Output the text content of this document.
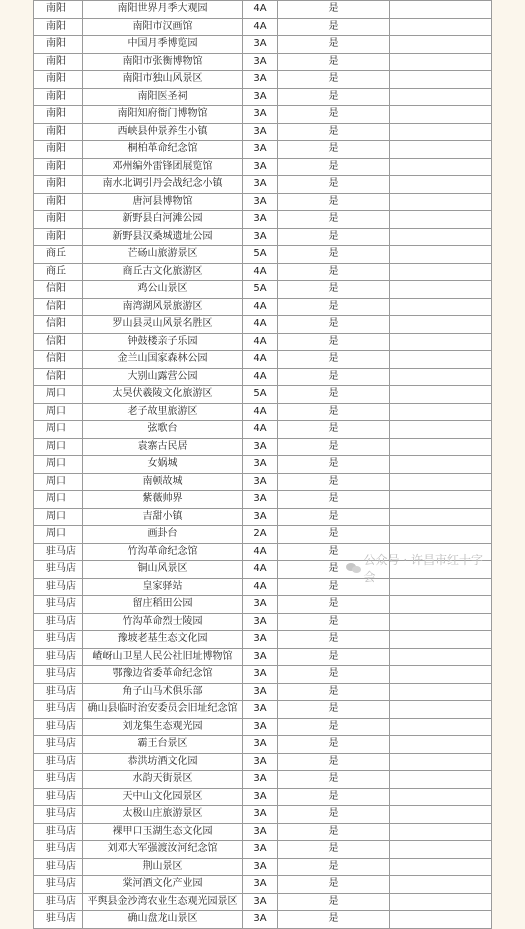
南阳	南阳世界月季大观园	4A	是	
南阳	南阳市汉画馆	4A	是	
南阳	中国月季博览园	3A	是	
南阳	南阳市张衡博物馆	3A	是	
南阳	南阳市独山风景区	3A	是	
南阳	南阳医圣祠	3A	是	
南阳	南阳知府衙门博物馆	3A	是	
南阳	西峡县仲景养生小镇	3A	是	
南阳	桐柏革命纪念馆	3A	是	
南阳	邓州编外雷锋团展览馆	3A	是	
南阳	南水北调引丹会战纪念小镇	3A	是	
南阳	唐河县博物馆	3A	是	
南阳	新野县白河滩公园	3A	是	
南阳	新野县汉桑城遗址公园	3A	是	
商丘	芒砀山旅游景区	5A	是	
商丘	商丘古文化旅游区	4A	是	
信阳	鸡公山景区	5A	是	
信阳	南湾湖风景旅游区	4A	是	
信阳	罗山县灵山风景名胜区	4A	是	
信阳	钟鼓楼亲子乐园	4A	是	
信阳	金兰山国家森林公园	4A	是	
信阳	大别山露营公园	4A	是	
周口	太昊伏羲陵文化旅游区	5A	是	
周口	老子故里旅游区	4A	是	
周口	弦歌台	4A	是	
周口	袁寨古民居	3A	是	
周口	女娲城	3A	是	
周口	南顿故城	3A	是	
周口	紫薇帅界	3A	是	
周口	吉甜小镇	3A	是	
周口	画卦台	2A	是	
驻马店	竹沟革命纪念馆	4A	是	
驻马店	铜山风景区	4A	是	
驻马店	皇家驿站	4A	是	
驻马店	留庄稻田公园	3A	是	
驻马店	竹沟革命烈士陵园	3A	是	
驻马店	豫坡老基生态文化园	3A	是	
驻马店	嵖岈山卫星人民公社旧址博物馆	3A	是	
驻马店	鄂豫边省委革命纪念馆	3A	是	
驻马店	角子山马术俱乐部	3A	是	
驻马店	确山县临时治安委员会旧址纪念馆	3A	是	
驻马店	刘龙集生态观光园	3A	是	
驻马店	霸王台景区	3A	是	
驻马店	恭洪坊酒文化园	3A	是	
驻马店	水韵天街景区	3A	是	
驻马店	天中山文化园景区	3A	是	
驻马店	太极山庄旅游景区	3A	是	
驻马店	裸甲口玉湖生态文化园	3A	是	
驻马店	刘邓大军强渡汝河纪念馆	3A	是	
驻马店	荆山景区	3A	是	
驻马店	棠河酒文化产业园	3A	是	
驻马店	平舆县金沙湾农业生态观光园景区	3A	是	
驻马店	确山盘龙山景区	3A	是	
公众号 · 许昌市红十字会
